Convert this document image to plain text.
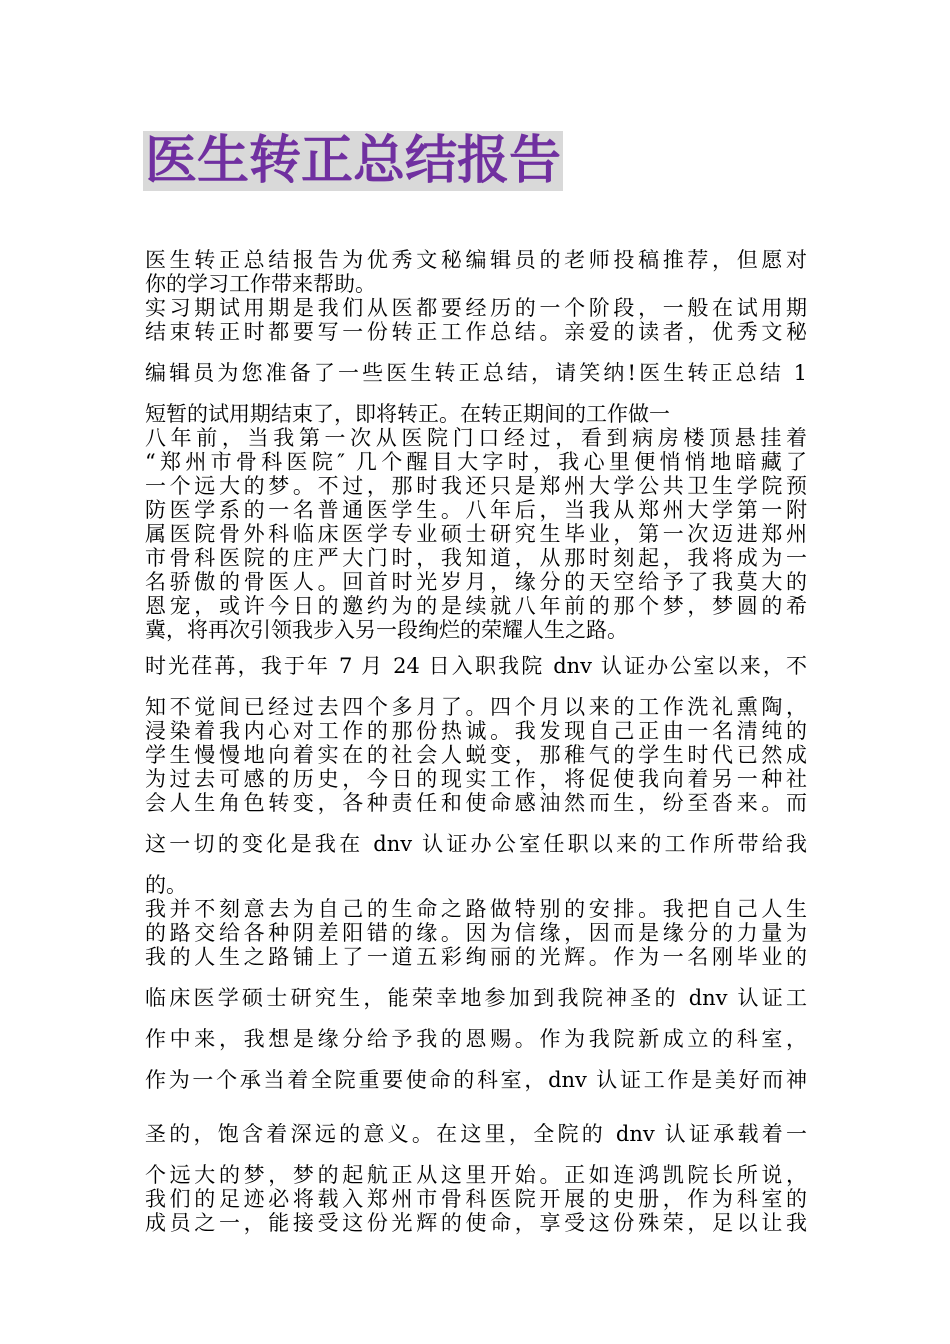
医生转正总结报告
医生转正总结报告为优秀文秘编辑员的老师投稿推荐，但愿对
你的学习工作带来帮助。
实习期试用期是我们从医都要经历的一个阶段，一般在试用期
结束转正时都要写一份转正工作总结。亲爱的读者，优秀文秘
编辑员为您准备了一些医生转正总结，请笑纳!医生转正总结 1
短暂的试用期结束了，即将转正。在转正期间的工作做一
八年前，当我第一次从医院门口经过，看到病房楼顶悬挂着
“郑州市骨科医院″ 几个醒目大字时，我心里便悄悄地暗藏了
一个远大的梦。不过，那时我还只是郑州大学公共卫生学院预
防医学系的一名普通医学生。八年后，当我从郑州大学第一附
属医院骨外科临床医学专业硕士研究生毕业，第一次迈进郑州
市骨科医院的庄严大门时，我知道，从那时刻起，我将成为一
名骄傲的骨医人。回首时光岁月，缘分的天空给予了我莫大的
恩宠，或许今日的邀约为的是续就八年前的那个梦，梦圆的希
冀，将再次引领我步入另一段绚烂的荣耀人生之路。
时光荏苒，我于年 7 月 24 日入职我院 dnv 认证办公室以来，不
知不觉间已经过去四个多月了。四个月以来的工作洗礼熏陶，
浸染着我内心对工作的那份热诚。我发现自己正由一名清纯的
学生慢慢地向着实在的社会人蜕变，那稚气的学生时代已然成
为过去可感的历史，今日的现实工作，将促使我向着另一种社
会人生角色转变，各种责任和使命感油然而生，纷至沓来。而
这一切的变化是我在 dnv 认证办公室任职以来的工作所带给我
的。
我并不刻意去为自己的生命之路做特别的安排。我把自己人生
的路交给各种阴差阳错的缘。因为信缘，因而是缘分的力量为
我的人生之路铺上了一道五彩绚丽的光辉。作为一名刚毕业的
临床医学硕士研究生，能荣幸地参加到我院神圣的 dnv 认证工
作中来，我想是缘分给予我的恩赐。作为我院新成立的科室，
作为一个承当着全院重要使命的科室，dnv 认证工作是美好而神
圣的，饱含着深远的意义。在这里，全院的 dnv 认证承载着一
个远大的梦，梦的起航正从这里开始。正如连鸿凯院长所说，
我们的足迹必将载入郑州市骨科医院开展的史册，作为科室的
成员之一，能接受这份光辉的使命，享受这份殊荣，足以让我
